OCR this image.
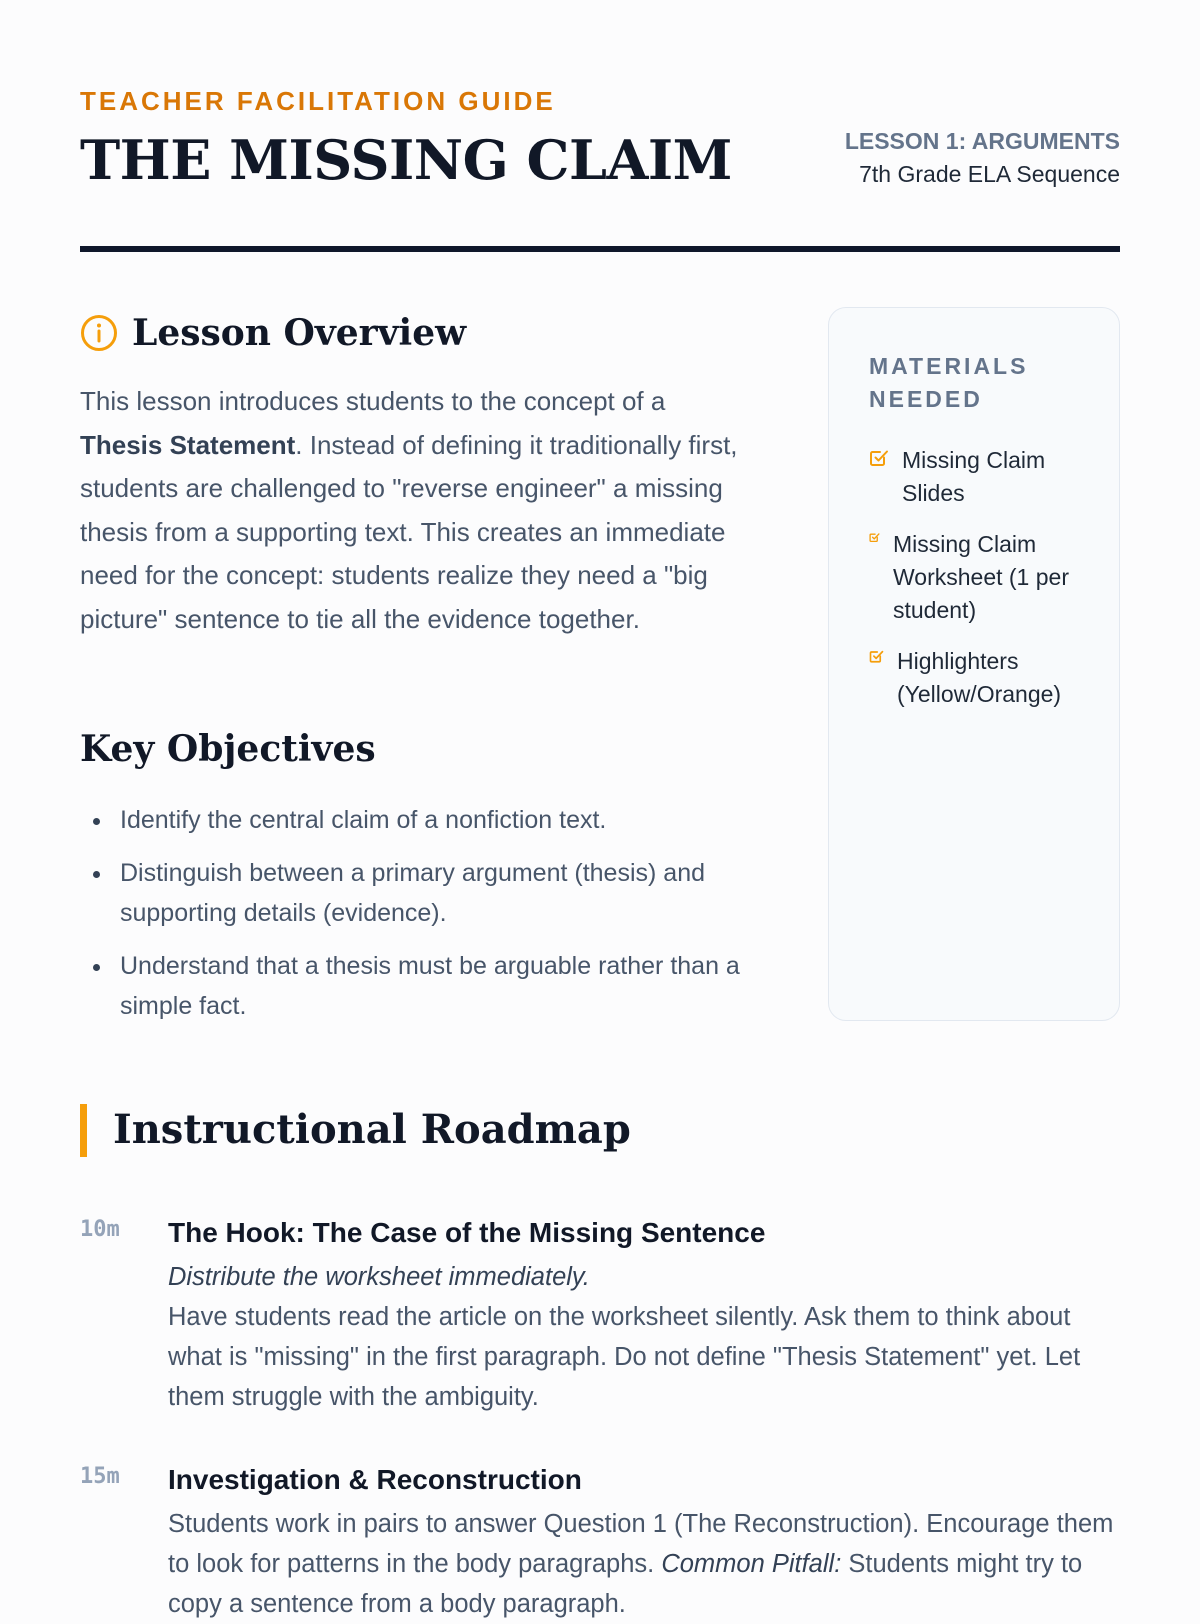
TEACHER FACILITATION GUIDE
THE MISSING CLAIM	LESSON 1: ARGUMENTS
7th Grade ELA Sequence
Lesson Overview

This lesson introduces students to the concept of a Thesis Statement. Instead of defining it traditionally first, students are challenged to "reverse engineer" a missing thesis from a supporting text. This creates an immediate need for the concept: students realize they need a "big picture" sentence to tie all the evidence together.

Key Objectives
Identify the central claim of a nonfiction text.
Distinguish between a primary argument (thesis) and supporting details (evidence).
Understand that a thesis must be arguable rather than a simple fact.
MATERIALS NEEDED
Missing Claim Slides
Missing Claim Worksheet (1 per student)
Highlighters (Yellow/Orange)
Instructional Roadmap
10m The Hook: The Case of the Missing Sentence

Distribute the worksheet immediately.
Have students read the article on the worksheet silently. Ask them to think about what is "missing" in the first paragraph. Do not define "Thesis Statement" yet. Let them struggle with the ambiguity.

15m Investigation & Reconstruction

Students work in pairs to answer Question 1 (The Reconstruction). Encourage them to look for patterns in the body paragraphs. Common Pitfall: Students might try to copy a sentence from a body paragraph.
